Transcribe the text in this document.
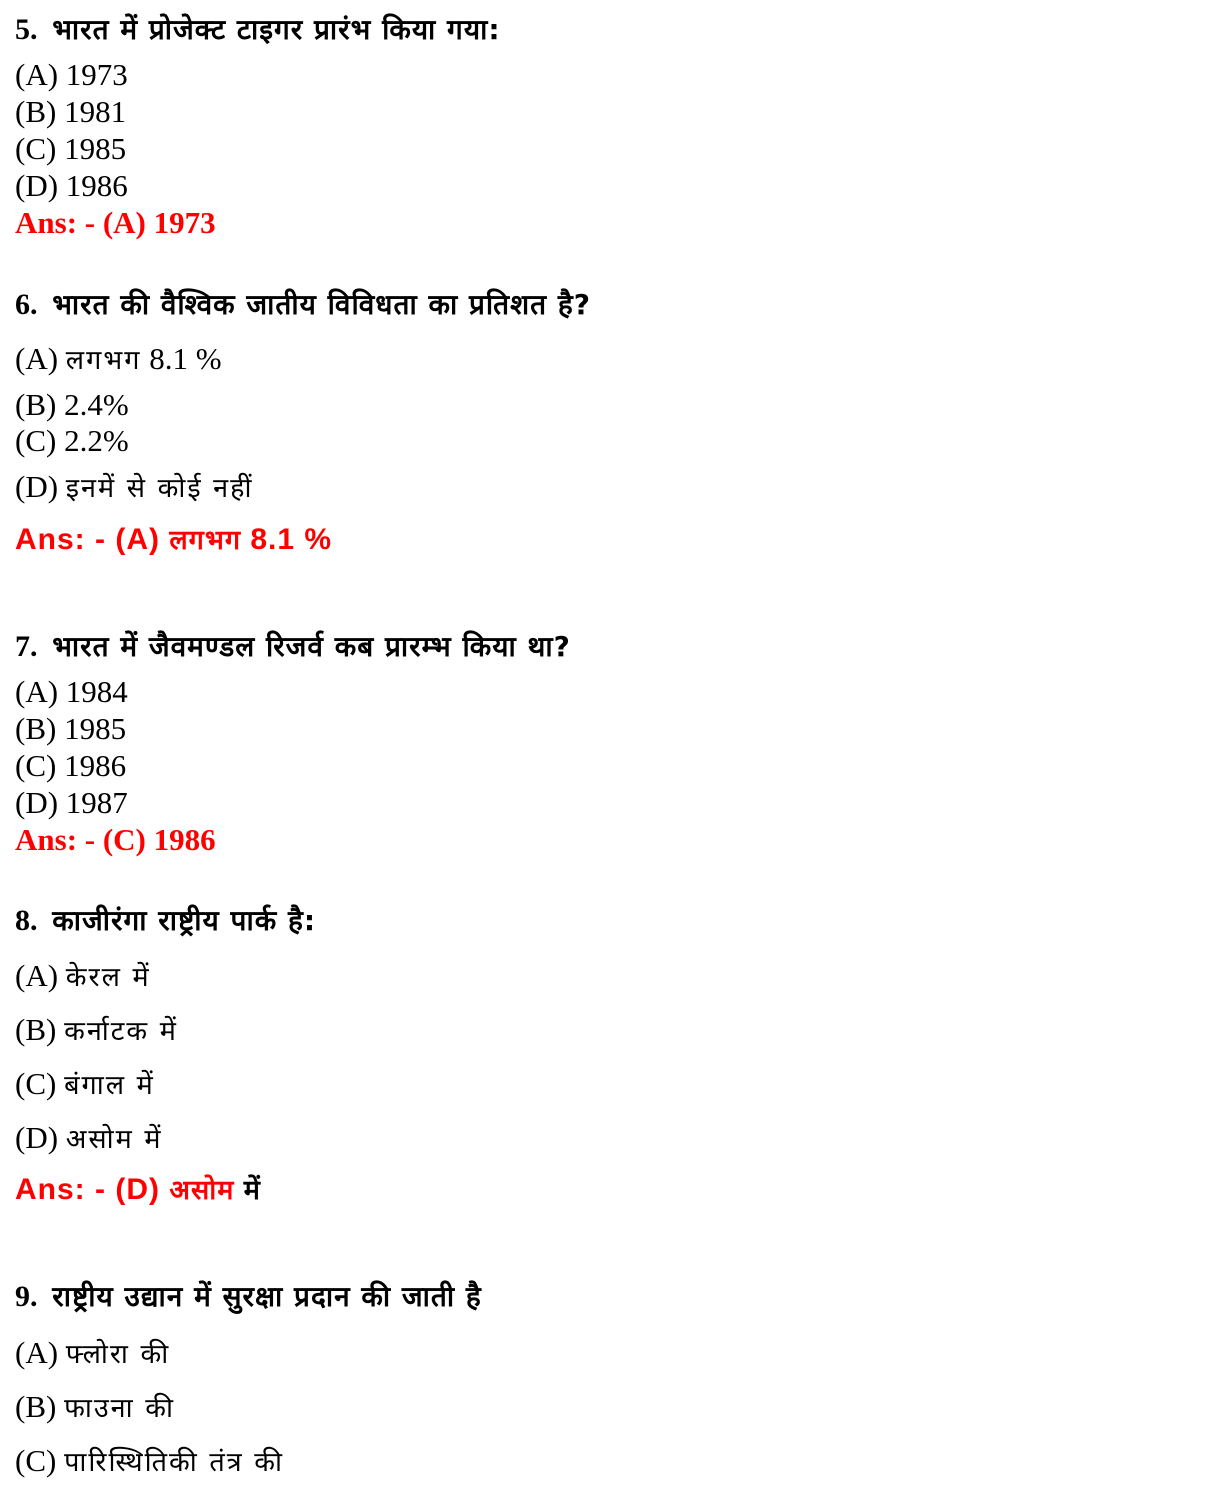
5. भारत में प्रोजेक्ट टाइगर प्रारंभ किया गया:
(A) 1973
(B) 1981
(C) 1985
(D) 1986
Ans: - (A) 1973
6. भारत की वैश्विक जातीय विविधता का प्रतिशत है?
(A) लगभग 8.1 %
(B) 2.4%
(C) 2.2%
(D) इनमें से कोई नहीं
Ans: - (A) लगभग 8.1 %
7. भारत में जैवमण्डल रिजर्व कब प्रारम्भ किया था?
(A) 1984
(B) 1985
(C) 1986
(D) 1987
Ans: - (C) 1986
8. काजीरंगा राष्ट्रीय पार्क है:
(A) केरल में
(B) कर्नाटक में
(C) बंगाल में
(D) असोम में
Ans: - (D) असोम में
9. राष्ट्रीय उद्यान में सुरक्षा प्रदान की जाती है
(A) फ्लोरा की
(B) फाउना की
(C) पारिस्थितिकी तंत्र की
